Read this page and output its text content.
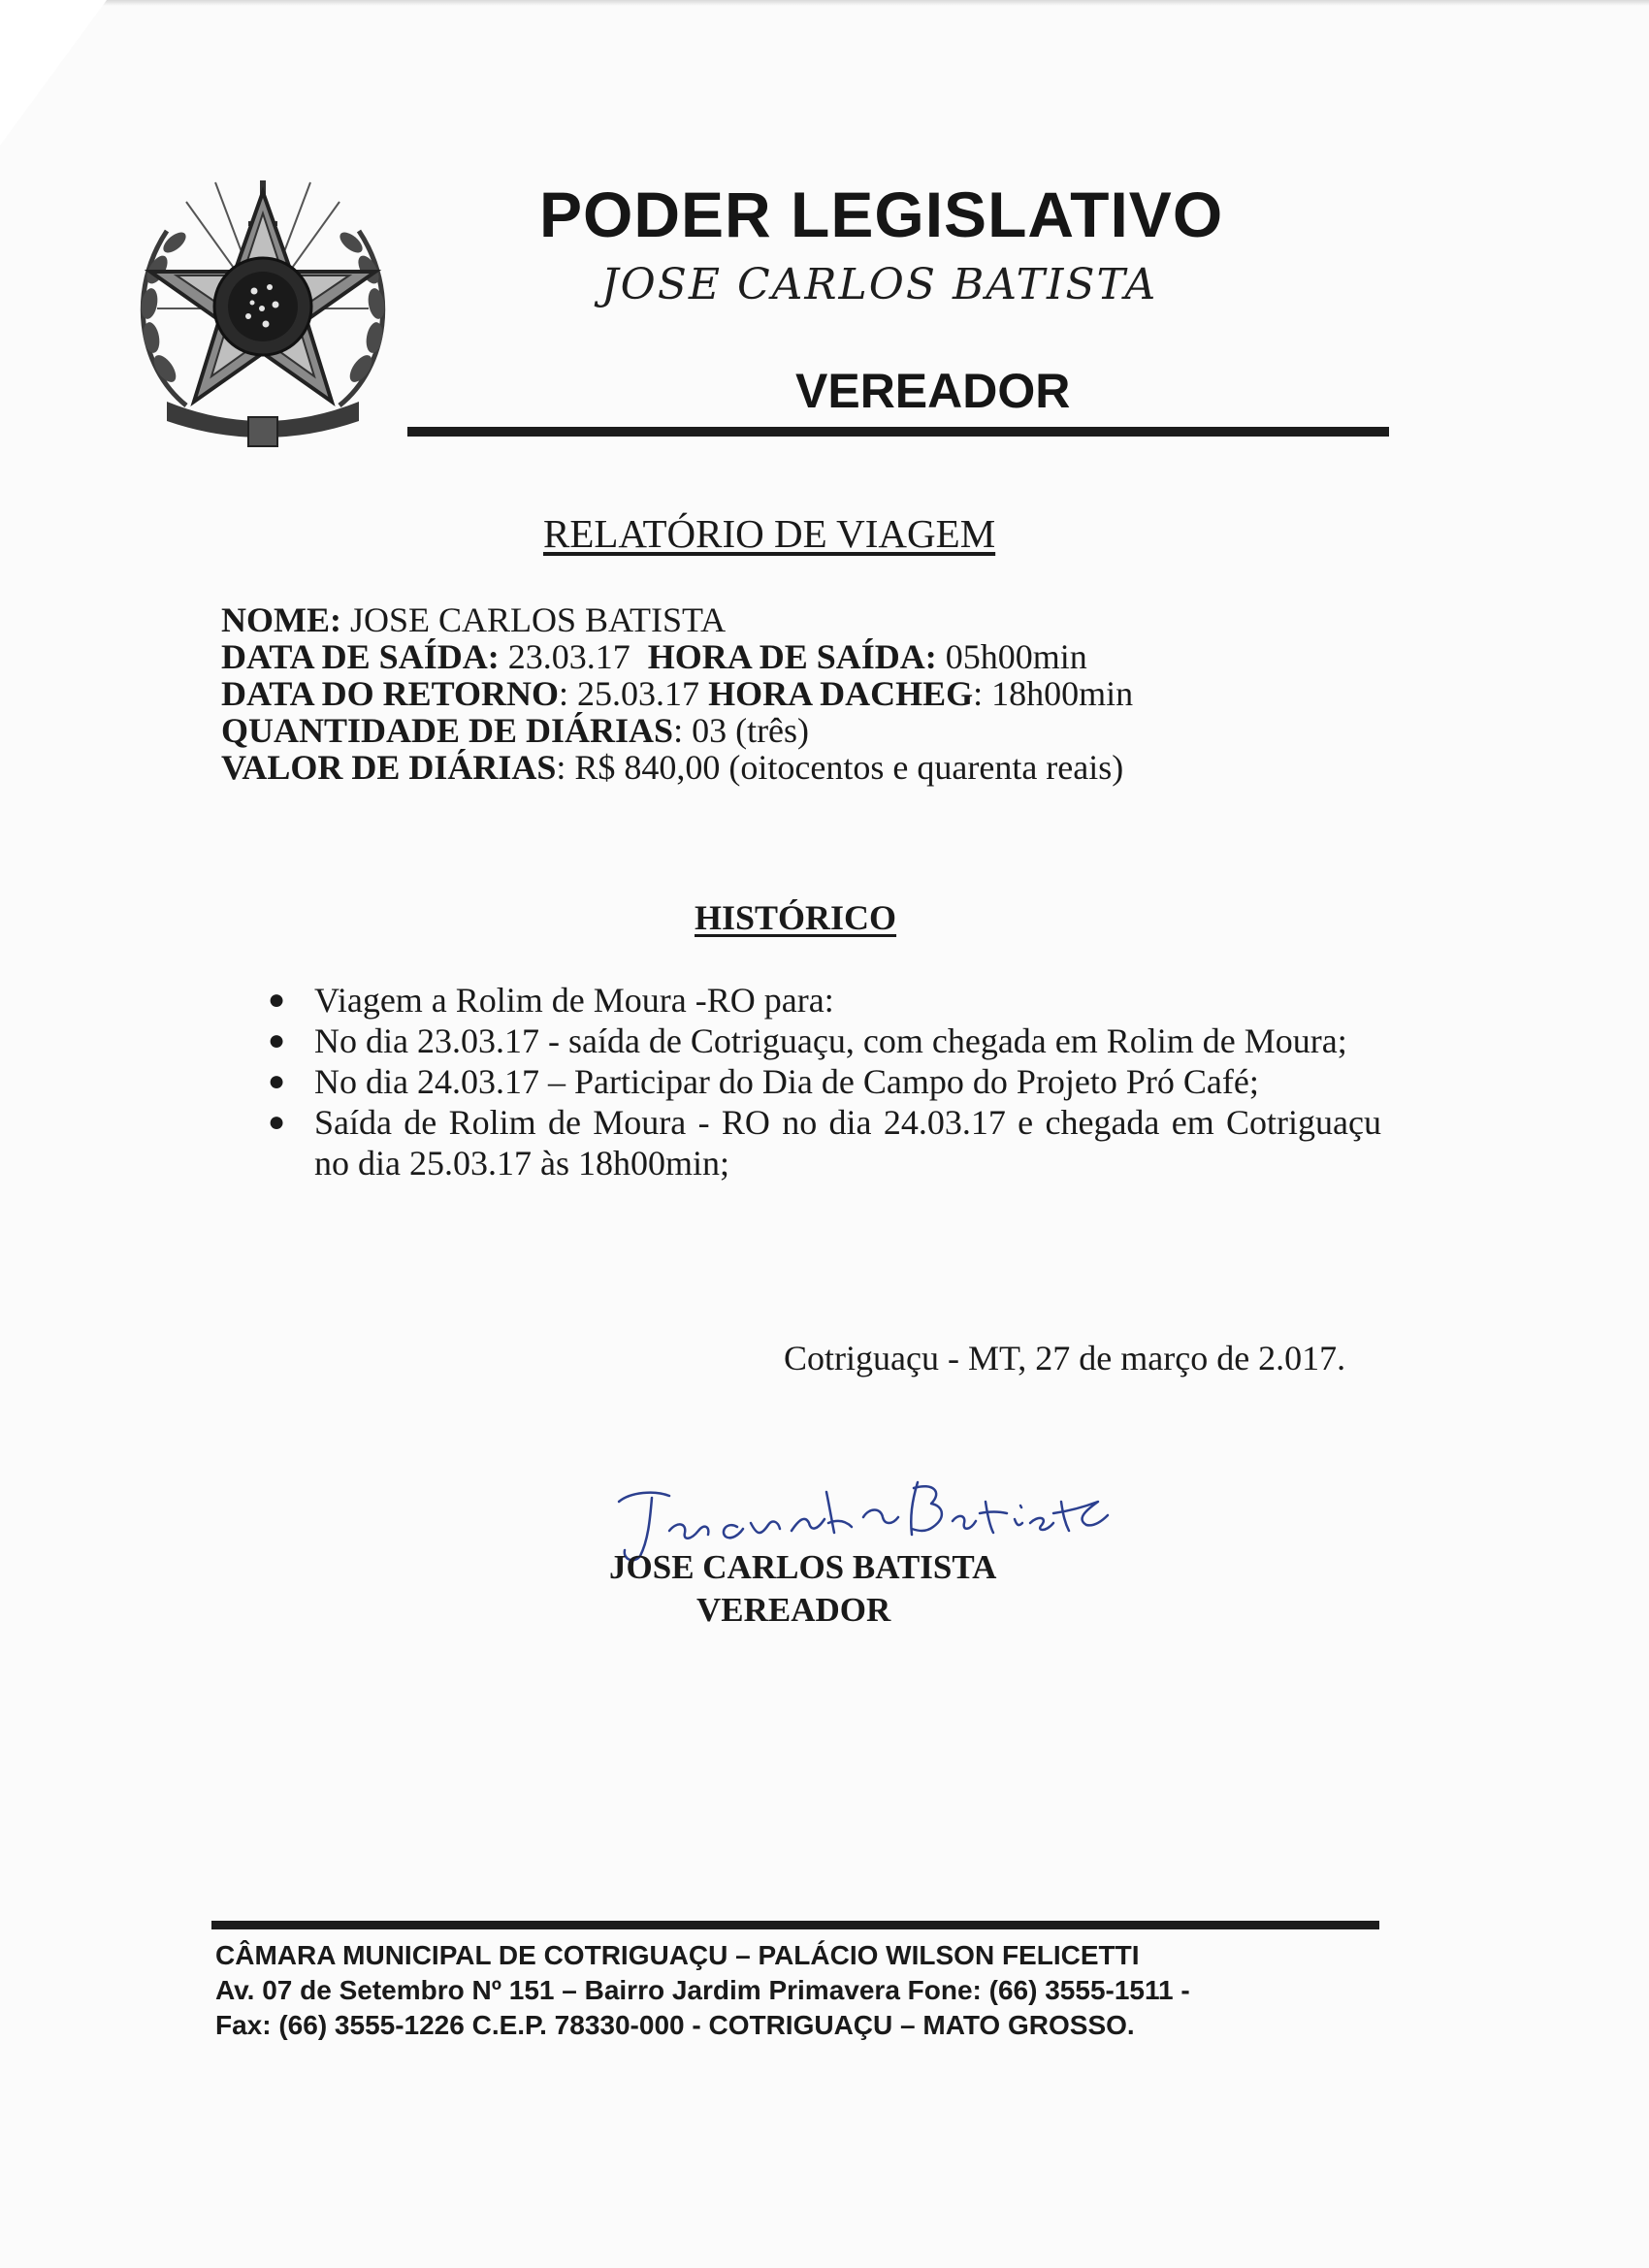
PODER LEGISLATIVO
JOSE CARLOS BATISTA
VEREADOR
RELATÓRIO DE VIAGEM
NOME: JOSE CARLOS BATISTA
DATA DE SAÍDA: 23.03.17  HORA DE SAÍDA: 05h00min
DATA DO RETORNO: 25.03.17 HORA DACHEG: 18h00min
QUANTIDADE DE DIÁRIAS: 03 (três)
VALOR DE DIÁRIAS: R$ 840,00 (oitocentos e quarenta reais)
HISTÓRICO
● Viagem a Rolim de Moura -RO para:
● No dia 23.03.17 - saída de Cotriguaçu, com chegada em Rolim de Moura;
● No dia 24.03.17 – Participar do Dia de Campo do Projeto Pró Café;
● Saída de Rolim de Moura - RO no dia 24.03.17 e chegada em Cotriguaçu no dia 25.03.17 às 18h00min;
Cotriguaçu - MT, 27 de março de 2.017.
JOSE CARLOS BATISTA
VEREADOR
CÂMARA MUNICIPAL DE COTRIGUAÇU – PALÁCIO WILSON FELICETTI
Av. 07 de Setembro Nº 151 – Bairro Jardim Primavera Fone: (66) 3555-1511 -
Fax: (66) 3555-1226 C.E.P. 78330-000 - COTRIGUAÇU – MATO GROSSO.
